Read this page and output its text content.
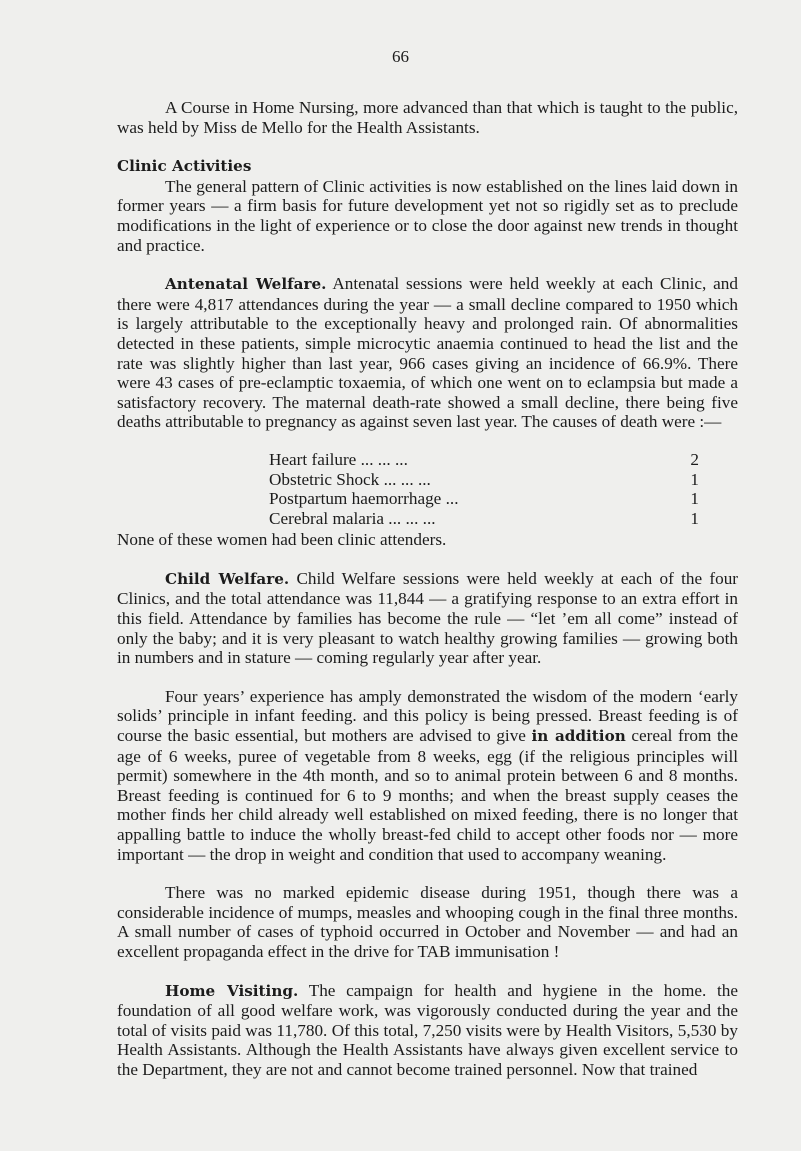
66

A Course in Home Nursing, more advanced than that which is taught to the public, was held by Miss de Mello for the Health Assistants.

Clinic Activities

The general pattern of Clinic activities is now established on the lines laid down in former years — a firm basis for future development yet not so rigidly set as to preclude modifications in the light of experience or to close the door against new trends in thought and practice.

Antenatal Welfare. Antenatal sessions were held weekly at each Clinic, and there were 4,817 attendances during the year — a small decline compared to 1950 which is largely attributable to the exceptionally heavy and prolonged rain. Of abnormalities detected in these patients, simple microcytic anaemia continued to head the list and the rate was slightly higher than last year, 966 cases giving an incidence of 66.9%. There were 43 cases of pre-eclamptic toxaemia, of which one went on to eclampsia but made a satisfactory recovery. The maternal death-rate showed a small decline, there being five deaths attributable to pregnancy as against seven last year. The causes of death were :—

Heart failure ... ... ...	2
Obstetric Shock ... ... ...	1
Postpartum haemorrhage ...	1
Cerebral malaria ... ... ...	1

None of these women had been clinic attenders.

Child Welfare. Child Welfare sessions were held weekly at each of the four Clinics, and the total attendance was 11,844 — a gratifying response to an extra effort in this field. Attendance by families has become the rule — “let ’em all come” instead of only the baby; and it is very pleasant to watch healthy growing families — growing both in numbers and in stature — coming regularly year after year.

Four years’ experience has amply demonstrated the wisdom of the modern ‘early solids’ principle in infant feeding. and this policy is being pressed. Breast feeding is of course the basic essential, but mothers are advised to give in addition cereal from the age of 6 weeks, puree of vegetable from 8 weeks, egg (if the religious principles will permit) somewhere in the 4th month, and so to animal protein between 6 and 8 months. Breast feeding is continued for 6 to 9 months; and when the breast supply ceases the mother finds her child already well established on mixed feeding, there is no longer that appalling battle to induce the wholly breast-fed child to accept other foods nor — more important — the drop in weight and condition that used to accompany weaning.

There was no marked epidemic disease during 1951, though there was a considerable incidence of mumps, measles and whooping cough in the final three months. A small number of cases of typhoid occurred in October and November — and had an excellent propaganda effect in the drive for TAB immunisation !

Home Visiting. The campaign for health and hygiene in the home. the foundation of all good welfare work, was vigorously conducted during the year and the total of visits paid was 11,780. Of this total, 7,250 visits were by Health Visitors, 5,530 by Health Assistants. Although the Health Assistants have always given excellent service to the Department, they are not and cannot become trained personnel. Now that trained
